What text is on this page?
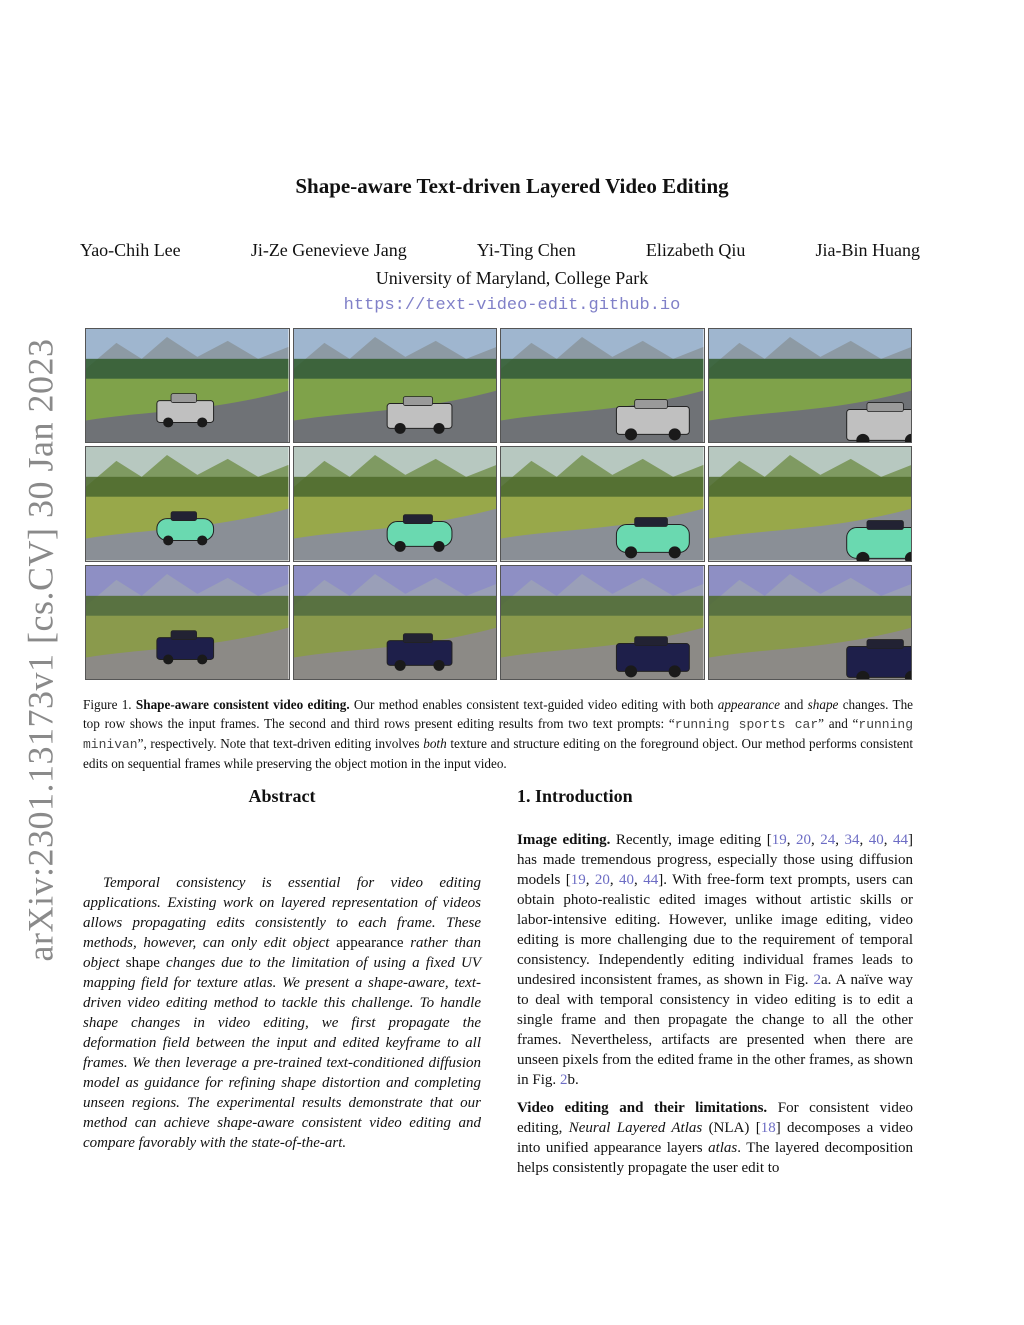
arXiv:2301.13173v1 [cs.CV] 30 Jan 2023
Shape-aware Text-driven Layered Video Editing
Yao-Chih Lee	Ji-Ze Genevieve Jang	Yi-Ting Chen	Elizabeth Qiu	Jia-Bin Huang
University of Maryland, College Park
https://text-video-edit.github.io
Figure 1. Shape-aware consistent video editing. Our method enables consistent text-guided video editing with both appearance and shape changes. The top row shows the input frames. The second and third rows present editing results from two text prompts: “running sports car” and “running minivan”, respectively. Note that text-driven editing involves both texture and structure editing on the foreground object. Our method performs consistent edits on sequential frames while preserving the object motion in the input video.
Abstract

Temporal consistency is essential for video editing applications. Existing work on layered representation of videos allows propagating edits consistently to each frame. These methods, however, can only edit object appearance rather than object shape changes due to the limitation of using a fixed UV mapping field for texture atlas. We present a shape-aware, text-driven video editing method to tackle this challenge. To handle shape changes in video editing, we first propagate the deformation field between the input and edited keyframe to all frames. We then leverage a pre-trained text-conditioned diffusion model as guidance for refining shape distortion and completing unseen regions. The experimental results demonstrate that our method can achieve shape-aware consistent video editing and compare favorably with the state-of-the-art.

1. Introduction

Image editing. Recently, image editing [19, 20, 24, 34, 40, 44] has made tremendous progress, especially those using diffusion models [19, 20, 40, 44]. With free-form text prompts, users can obtain photo-realistic edited images without artistic skills or labor-intensive editing. However, unlike image editing, video editing is more challenging due to the requirement of temporal consistency. Independently editing individual frames leads to undesired inconsistent frames, as shown in Fig. 2a. A naïve way to deal with temporal consistency in video editing is to edit a single frame and then propagate the change to all the other frames. Nevertheless, artifacts are presented when there are unseen pixels from the edited frame in the other frames, as shown in Fig. 2b.

Video editing and their limitations. For consistent video editing, Neural Layered Atlas (NLA) [18] decomposes a video into unified appearance layers atlas. The layered decomposition helps consistently propagate the user edit to
